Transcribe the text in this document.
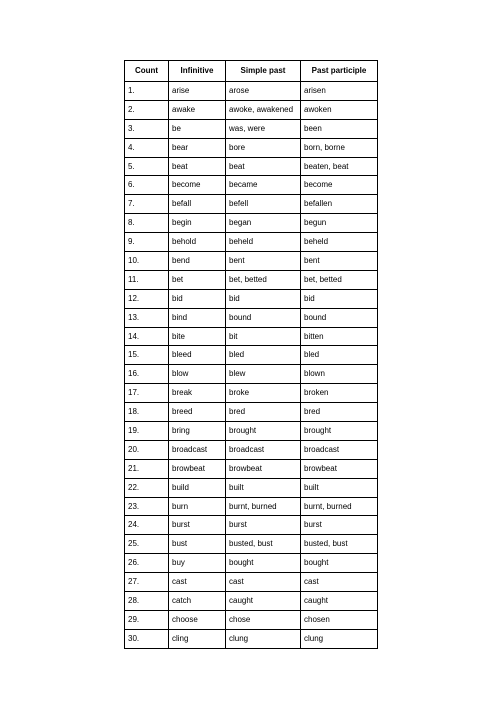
Count	Infinitive	Simple past	Past participle
1.	arise	arose	arisen
2.	awake	awoke, awakened	awoken
3.	be	was, were	been
4.	bear	bore	born, borne
5.	beat	beat	beaten, beat
6.	become	became	become
7.	befall	befell	befallen
8.	begin	began	begun
9.	behold	beheld	beheld
10.	bend	bent	bent
11.	bet	bet, betted	bet, betted
12.	bid	bid	bid
13.	bind	bound	bound
14.	bite	bit	bitten
15.	bleed	bled	bled
16.	blow	blew	blown
17.	break	broke	broken
18.	breed	bred	bred
19.	bring	brought	brought
20.	broadcast	broadcast	broadcast
21.	browbeat	browbeat	browbeat
22.	build	built	built
23.	burn	burnt, burned	burnt, burned
24.	burst	burst	burst
25.	bust	busted, bust	busted, bust
26.	buy	bought	bought
27.	cast	cast	cast
28.	catch	caught	caught
29.	choose	chose	chosen
30.	cling	clung	clung
